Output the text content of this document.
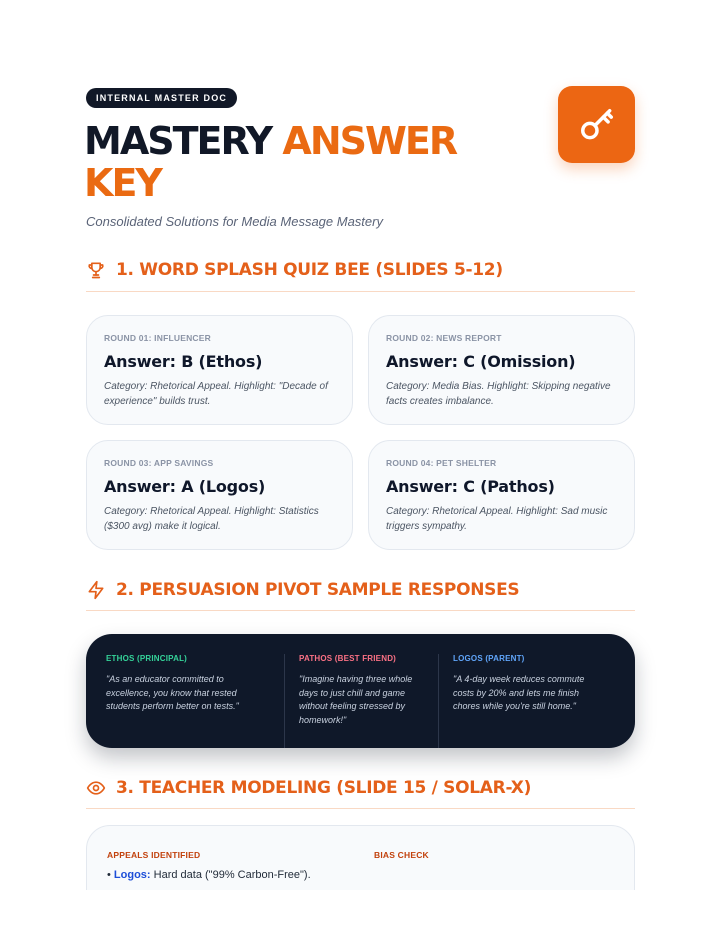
INTERNAL MASTER DOC
MASTERY ANSWER
KEY
Consolidated Solutions for Media Message Mastery
1. WORD SPLASH QUIZ BEE (SLIDES 5-12)
ROUND 01: INFLUENCER
Answer: B (Ethos)
Category: Rhetorical Appeal. Highlight: "Decade of experience" builds trust.
ROUND 02: NEWS REPORT
Answer: C (Omission)
Category: Media Bias. Highlight: Skipping negative facts creates imbalance.
ROUND 03: APP SAVINGS
Answer: A (Logos)
Category: Rhetorical Appeal. Highlight: Statistics ($300 avg) make it logical.
ROUND 04: PET SHELTER
Answer: C (Pathos)
Category: Rhetorical Appeal. Highlight: Sad music triggers sympathy.
2. PERSUASION PIVOT SAMPLE RESPONSES
ETHOS (PRINCIPAL)
"As an educator committed to excellence, you know that rested students perform better on tests."
PATHOS (BEST FRIEND)
"Imagine having three whole days to just chill and game without feeling stressed by homework!"
LOGOS (PARENT)
"A 4-day week reduces commute costs by 20% and lets me finish chores while you're still home."
3. TEACHER MODELING (SLIDE 15 / SOLAR-X)
APPEALS IDENTIFIED	BIAS CHECK
• Logos: Hard data ("99% Carbon-Free").
